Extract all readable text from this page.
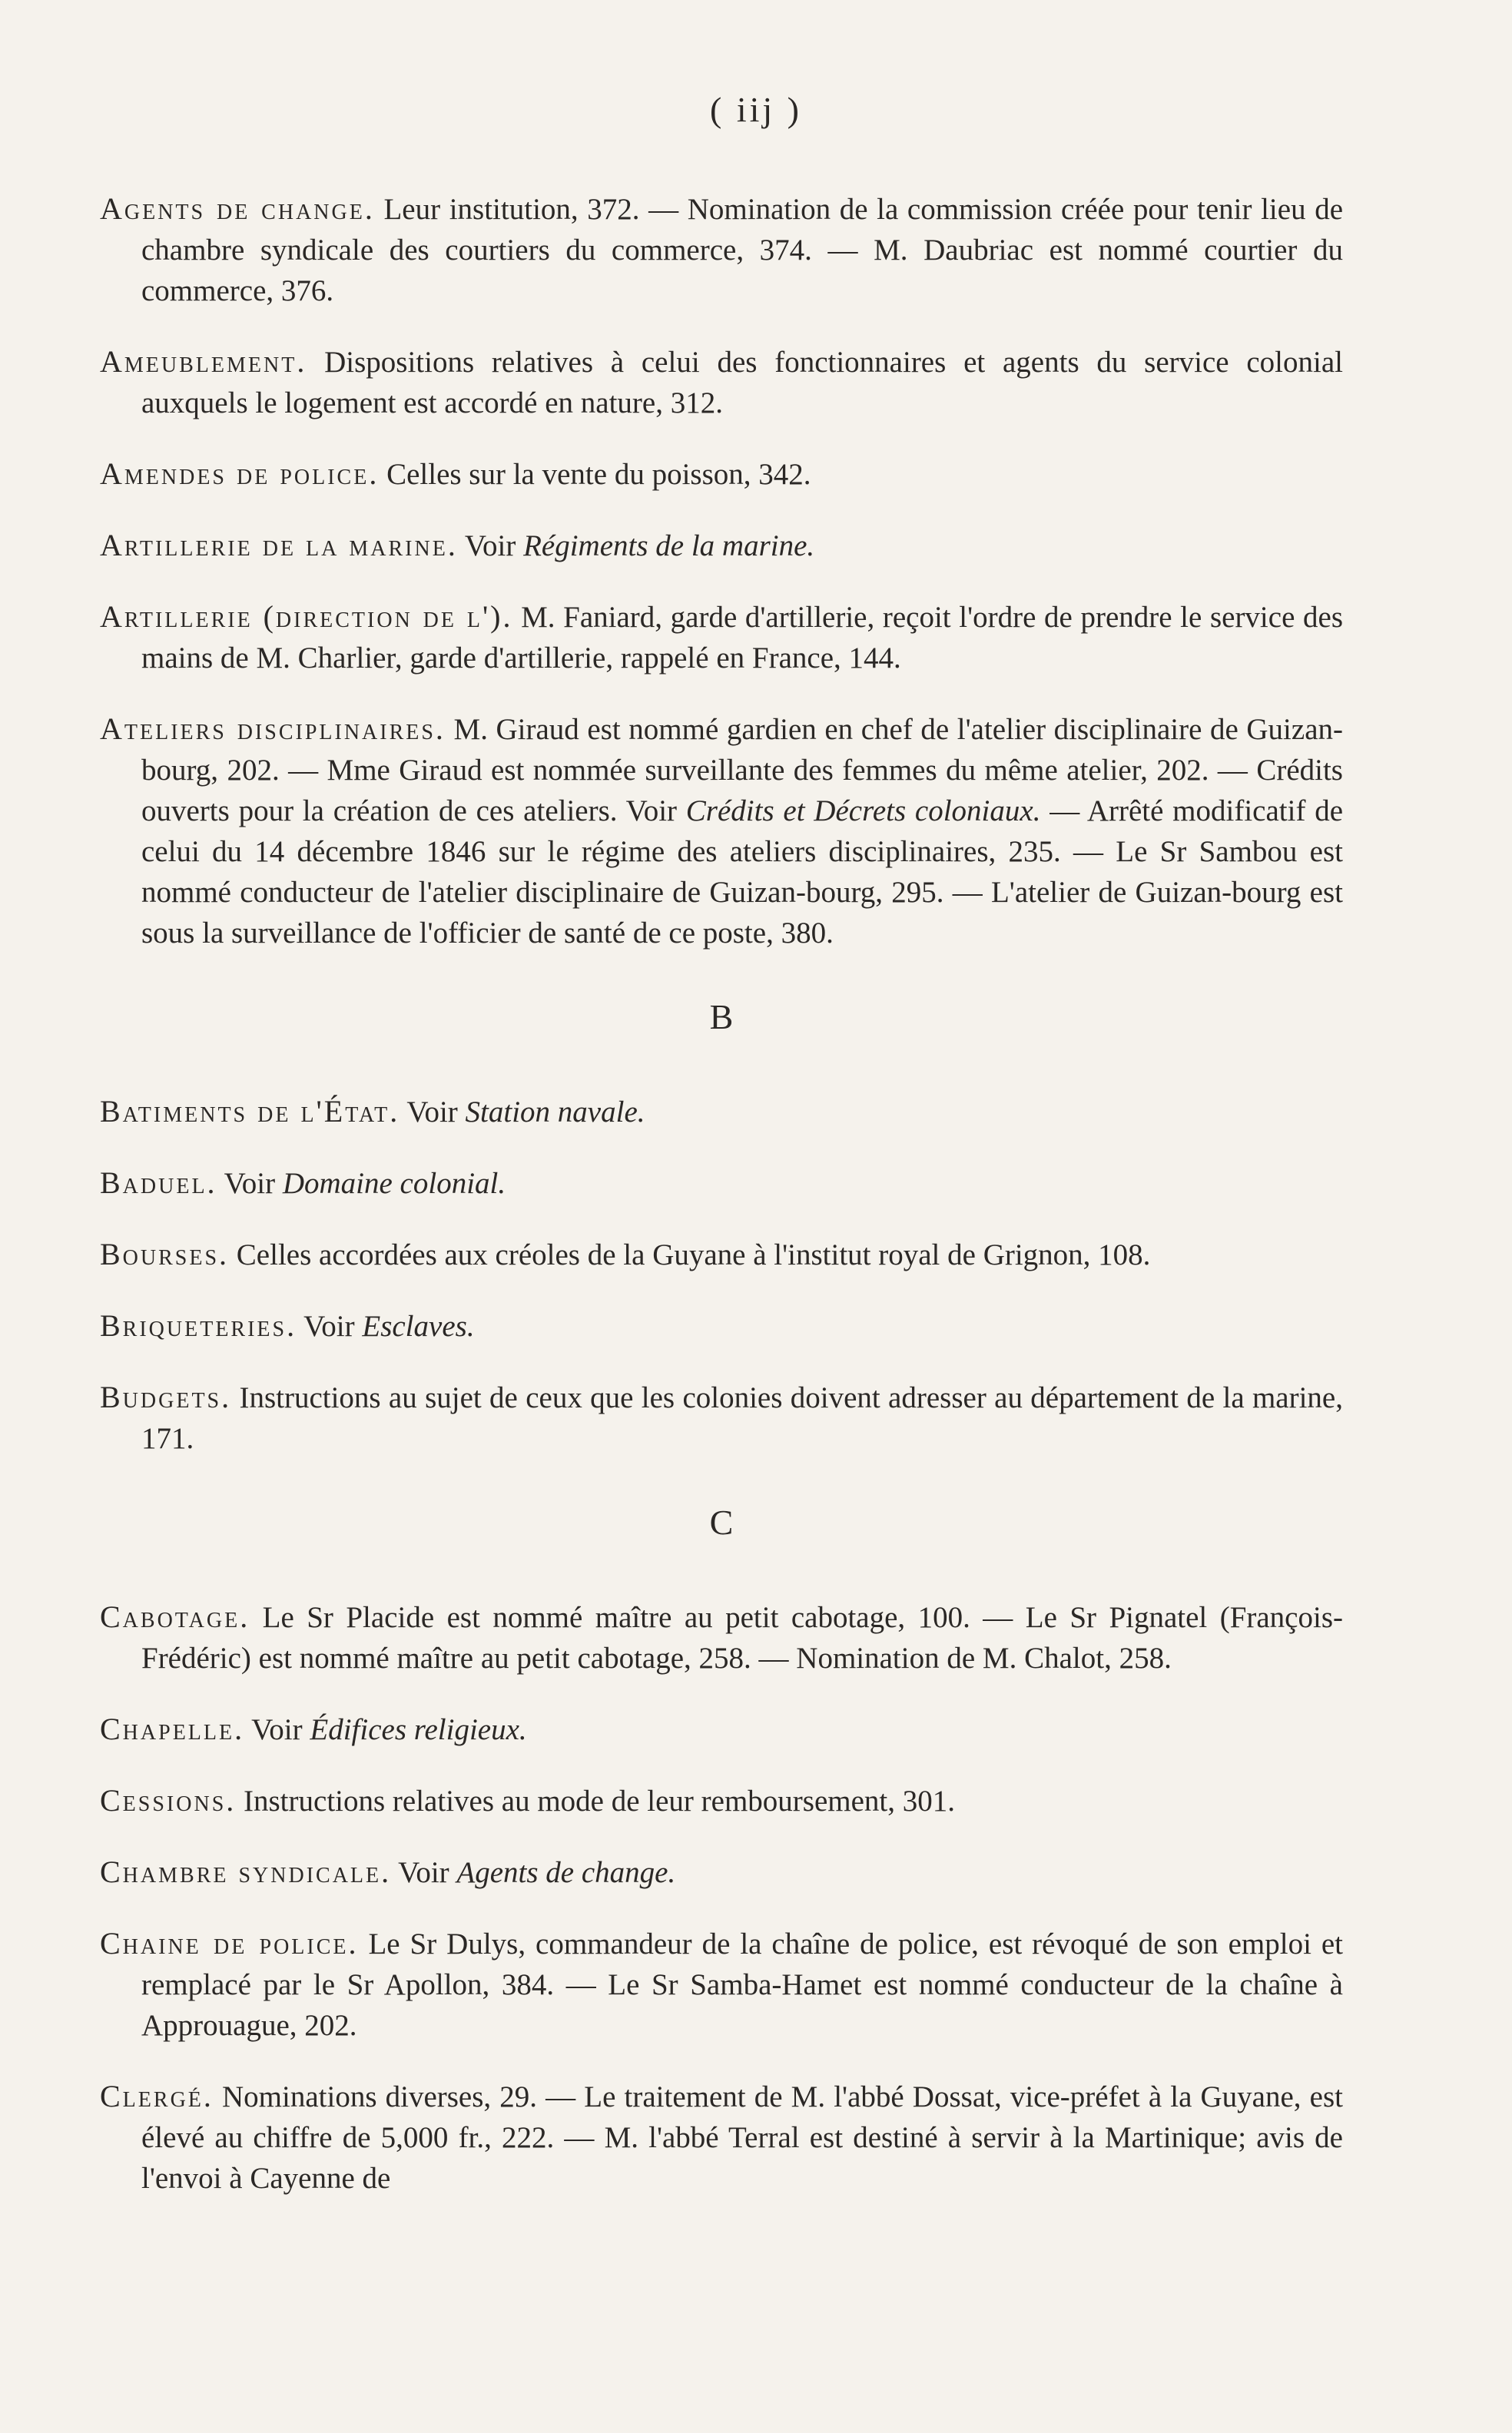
( iij )

Agents de change. Leur institution, 372. — Nomination de la commission créée pour tenir lieu de chambre syndicale des courtiers du commerce, 374. — M. Daubriac est nommé courtier du commerce, 376.

Ameublement. Dispositions relatives à celui des fonctionnaires et agents du service colonial auxquels le logement est accordé en nature, 312.

Amendes de police. Celles sur la vente du poisson, 342.

Artillerie de la marine. Voir Régiments de la marine.

Artillerie (direction de l'). M. Faniard, garde d'artillerie, reçoit l'ordre de prendre le service des mains de M. Charlier, garde d'artillerie, rappelé en France, 144.

Ateliers disciplinaires. M. Giraud est nommé gardien en chef de l'atelier disciplinaire de Guizan-bourg, 202. — Mme Giraud est nommée surveillante des femmes du même atelier, 202. — Crédits ouverts pour la création de ces ateliers. Voir Crédits et Décrets coloniaux. — Arrêté modificatif de celui du 14 décembre 1846 sur le régime des ateliers disciplinaires, 235. — Le Sr Sambou est nommé conducteur de l'atelier disciplinaire de Guizan-bourg, 295. — L'atelier de Guizan-bourg est sous la surveillance de l'officier de santé de ce poste, 380.

B

Batiments de l'État. Voir Station navale.

Baduel. Voir Domaine colonial.

Bourses. Celles accordées aux créoles de la Guyane à l'institut royal de Grignon, 108.

Briqueteries. Voir Esclaves.

Budgets. Instructions au sujet de ceux que les colonies doivent adresser au département de la marine, 171.

C

Cabotage. Le Sr Placide est nommé maître au petit cabotage, 100. — Le Sr Pignatel (François-Frédéric) est nommé maître au petit cabotage, 258. — Nomination de M. Chalot, 258.

Chapelle. Voir Édifices religieux.

Cessions. Instructions relatives au mode de leur remboursement, 301.

Chambre syndicale. Voir Agents de change.

Chaine de police. Le Sr Dulys, commandeur de la chaîne de police, est révoqué de son emploi et remplacé par le Sr Apollon, 384. — Le Sr Samba-Hamet est nommé conducteur de la chaîne à Approuague, 202.

Clergé. Nominations diverses, 29. — Le traitement de M. l'abbé Dossat, vice-préfet à la Guyane, est élevé au chiffre de 5,000 fr., 222. — M. l'abbé Terral est destiné à servir à la Martinique; avis de l'envoi à Cayenne de
